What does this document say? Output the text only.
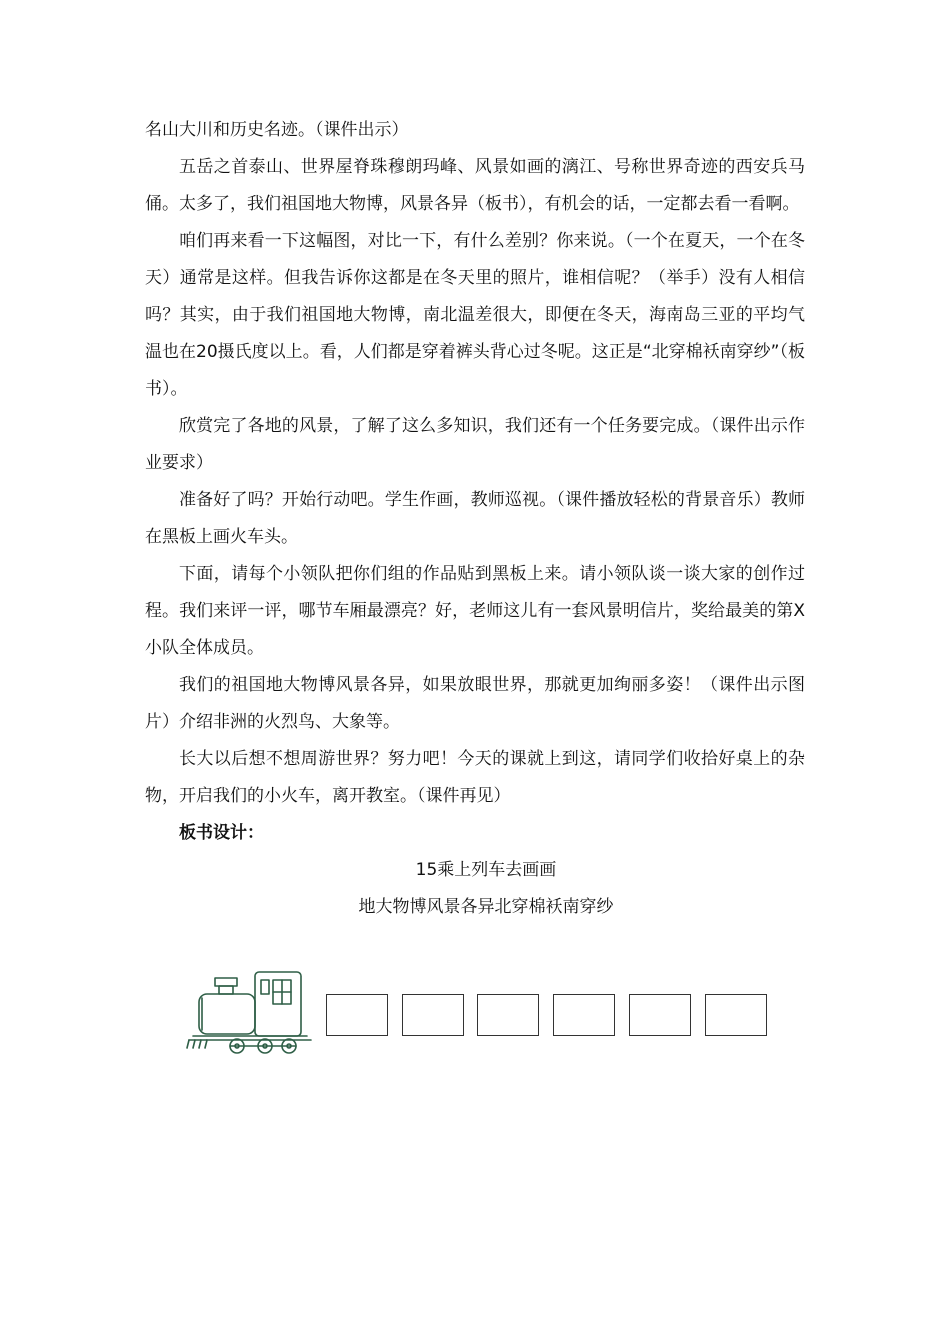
名山大川和历史名迹。（课件出示）

五岳之首泰山、世界屋脊珠穆朗玛峰、风景如画的漓江、号称世界奇迹的西安兵马俑。太多了，我们祖国地大物博，风景各异（板书），有机会的话，一定都去看一看啊。

咱们再来看一下这幅图，对比一下，有什么差别？你来说。（一个在夏天，一个在冬天）通常是这样。但我告诉你这都是在冬天里的照片，谁相信呢？（举手）没有人相信吗？其实，由于我们祖国地大物博，南北温差很大，即便在冬天，海南岛三亚的平均气温也在20摄氏度以上。看，人们都是穿着裤头背心过冬呢。这正是“北穿棉袄南穿纱”（板书）。

欣赏完了各地的风景，了解了这么多知识，我们还有一个任务要完成。（课件出示作业要求）

准备好了吗？开始行动吧。学生作画，教师巡视。（课件播放轻松的背景音乐）教师在黑板上画火车头。

下面，请每个小领队把你们组的作品贴到黑板上来。请小领队谈一谈大家的创作过程。我们来评一评，哪节车厢最漂亮？好，老师这儿有一套风景明信片，奖给最美的第X小队全体成员。

我们的祖国地大物博风景各异，如果放眼世界，那就更加绚丽多姿！（课件出示图片）介绍非洲的火烈鸟、大象等。

长大以后想不想周游世界？努力吧！今天的课就上到这，请同学们收拾好桌上的杂物，开启我们的小火车，离开教室。（课件再见）

板书设计：

15乘上列车去画画

地大物博风景各异北穿棉袄南穿纱
